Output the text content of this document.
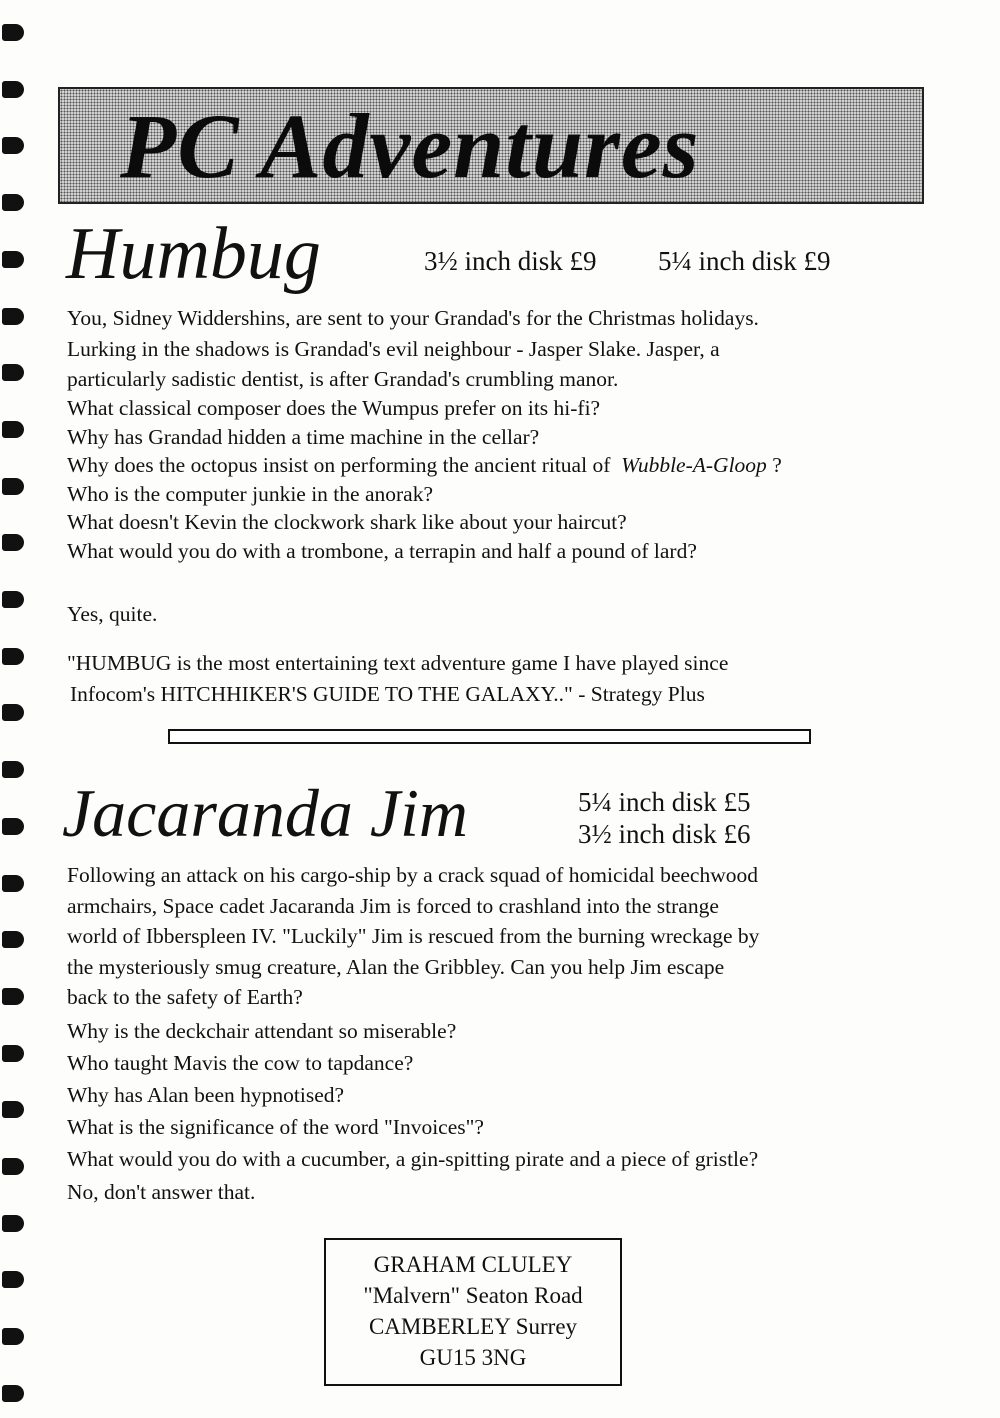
PC Adventures
Humbug	3½ inch disk £9 5¼ inch disk £9
You, Sidney Widdershins, are sent to your Grandad's for the Christmas holidays.
Lurking in the shadows is Grandad's evil neighbour - Jasper Slake. Jasper, a
particularly sadistic dentist, is after Grandad's crumbling manor.
What classical composer does the Wumpus prefer on its hi-fi?
Why has Grandad hidden a time machine in the cellar?
Why does the octopus insist on performing the ancient ritual of Wubble-A-Gloop ?
Who is the computer junkie in the anorak?
What doesn't Kevin the clockwork shark like about your haircut?
What would you do with a trombone, a terrapin and half a pound of lard?
Yes, quite.
"HUMBUG is the most entertaining text adventure game I have played since
Infocom's HITCHHIKER'S GUIDE TO THE GALAXY.." - Strategy Plus
Jacaranda Jim	5¼ inch disk £5
3½ inch disk £6
Following an attack on his cargo-ship by a crack squad of homicidal beechwood
armchairs, Space cadet Jacaranda Jim is forced to crashland into the strange
world of Ibberspleen IV. "Luckily" Jim is rescued from the burning wreckage by
the mysteriously smug creature, Alan the Gribbley. Can you help Jim escape
back to the safety of Earth?
Why is the deckchair attendant so miserable?
Who taught Mavis the cow to tapdance?
Why has Alan been hypnotised?
What is the significance of the word "Invoices"?
What would you do with a cucumber, a gin-spitting pirate and a piece of gristle?
No, don't answer that.
GRAHAM CLULEY
"Malvern" Seaton Road
CAMBERLEY Surrey
GU15 3NG
